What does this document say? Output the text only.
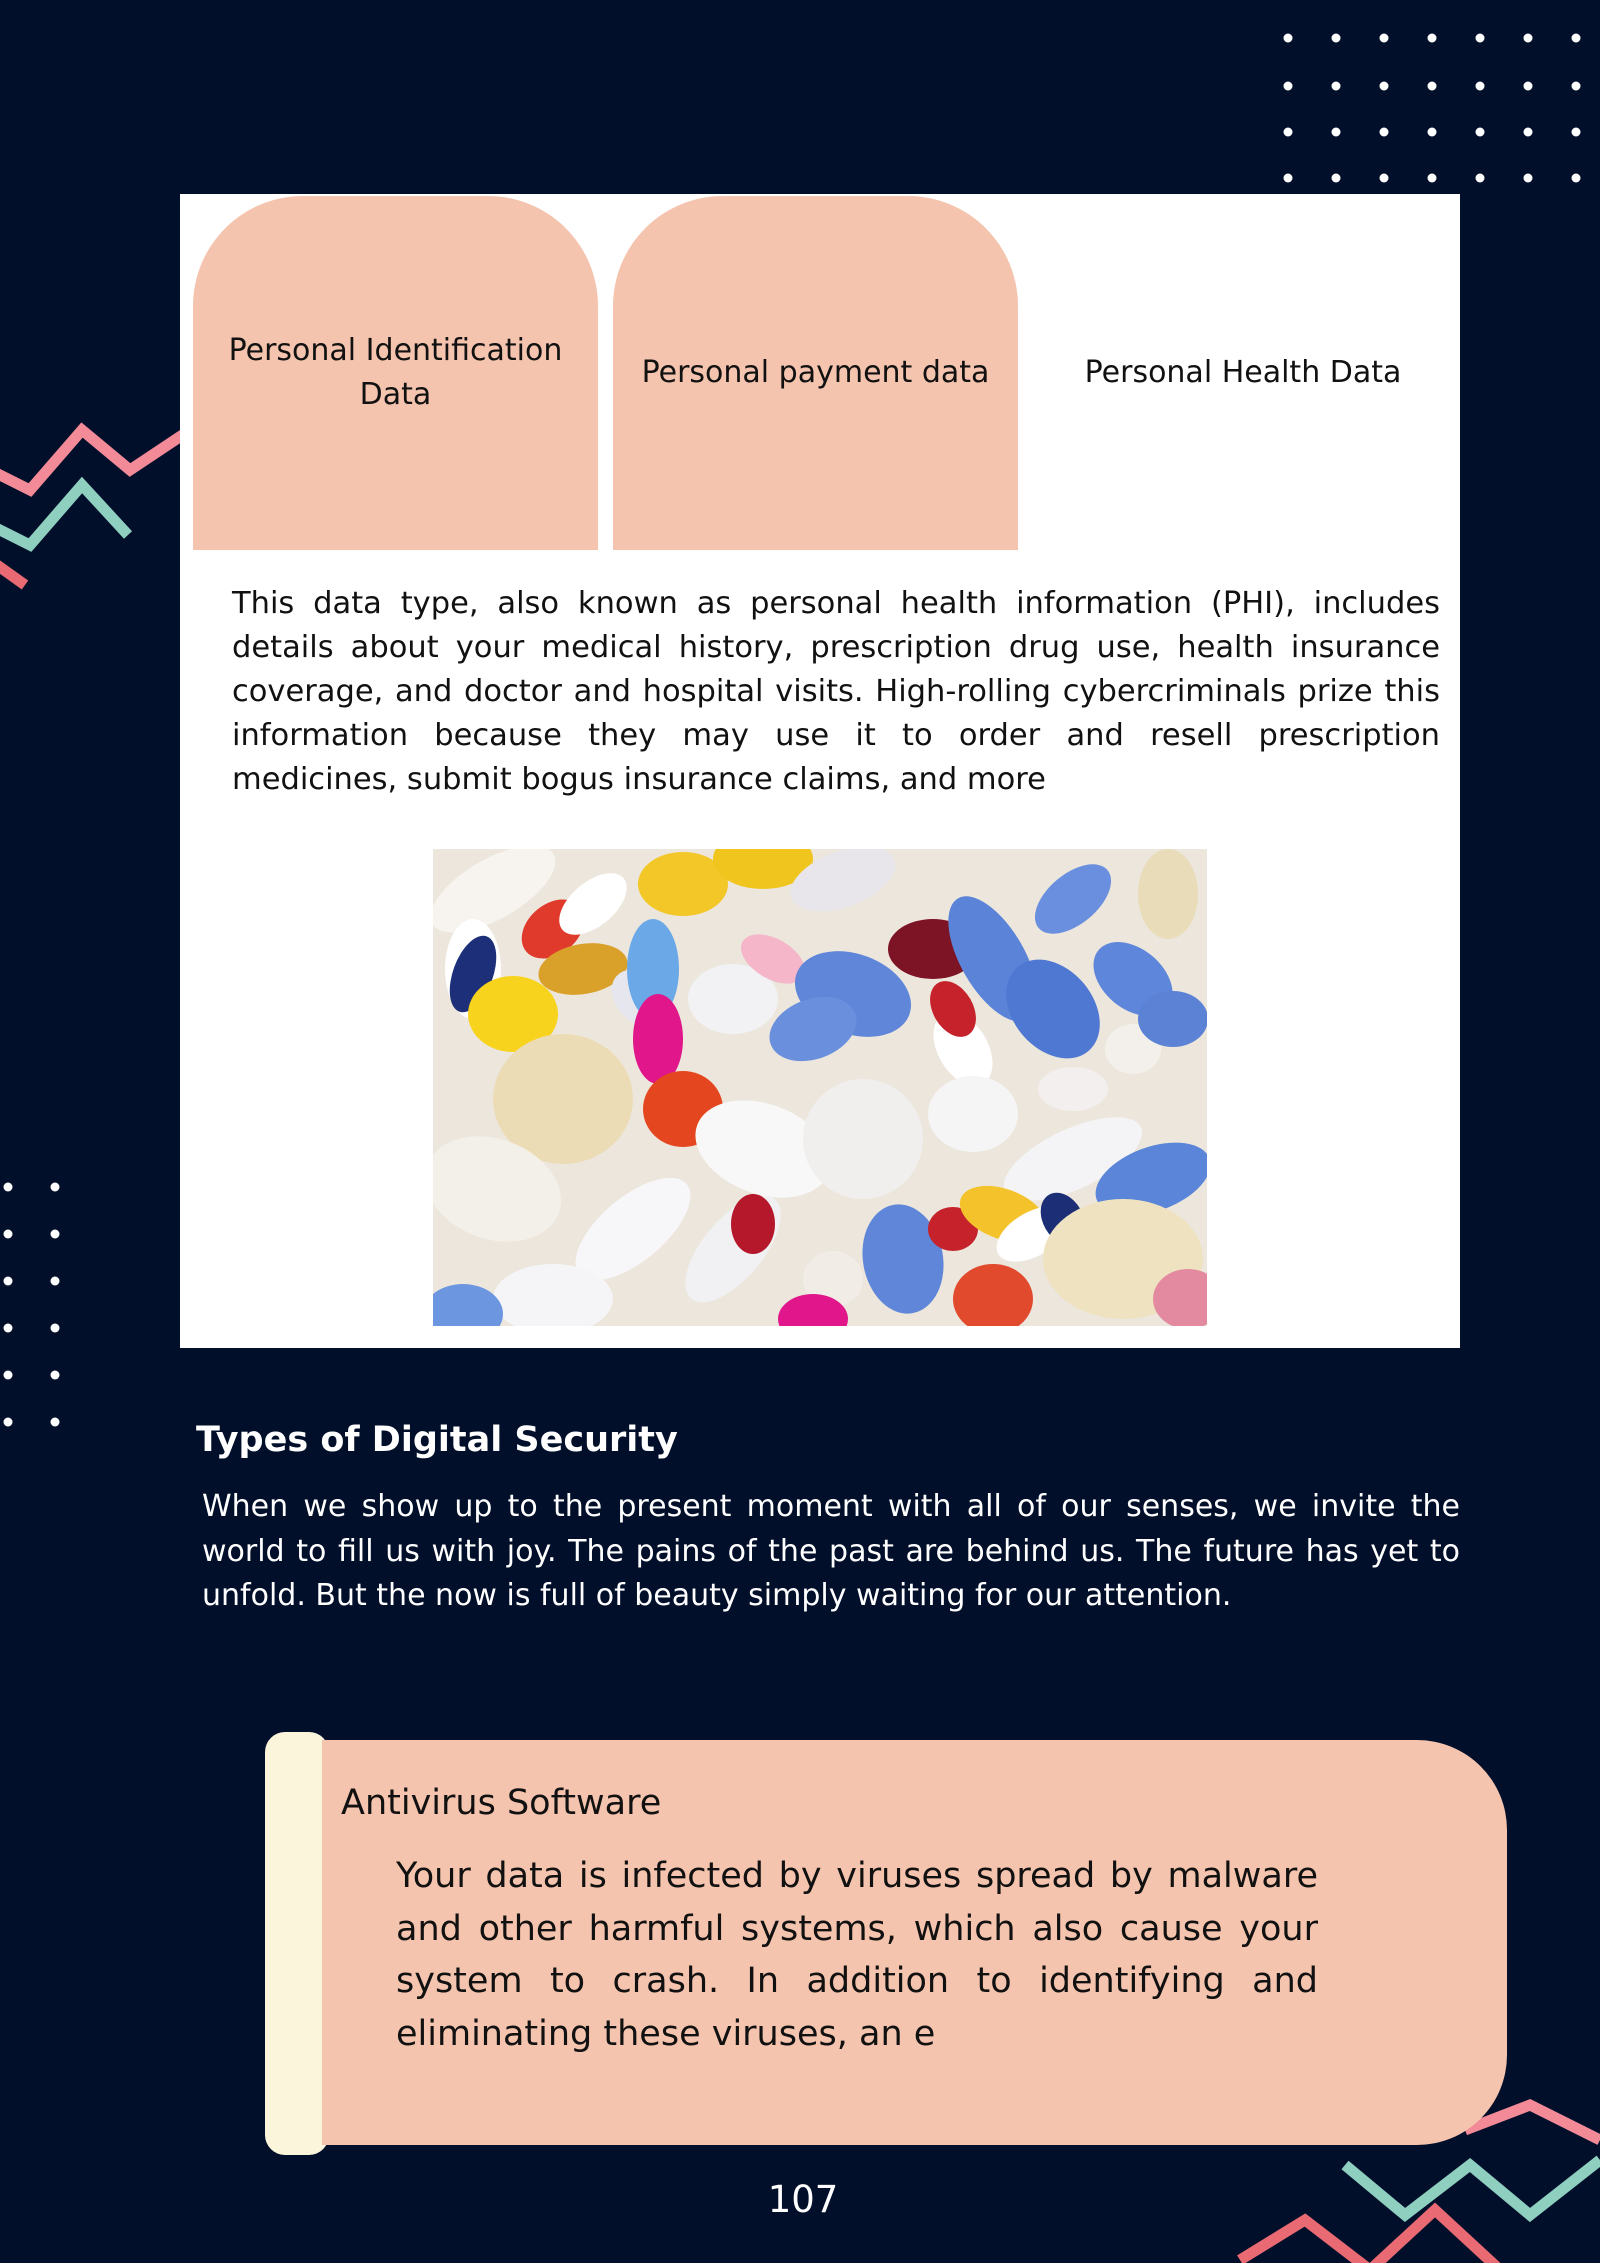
Personal Identification Data
Personal payment data	Personal Health Data

This data type, also known as personal health information (PHI), includes details about your medical history, prescription drug use, health insurance coverage, and doctor and hospital visits. High-rolling cybercriminals prize this information because they may use it to order and resell prescription medicines, submit bogus insurance claims, and more

Types of Digital Security

When we show up to the present moment with all of our senses, we invite the world to fill us with joy. The pains of the past are behind us. The future has yet to unfold. But the now is full of beauty simply waiting for our attention.

Antivirus Software

Your data is infected by viruses spread by malware and other harmful systems, which also cause your system to crash. In addition to identifying and eliminating these viruses, an e

107
